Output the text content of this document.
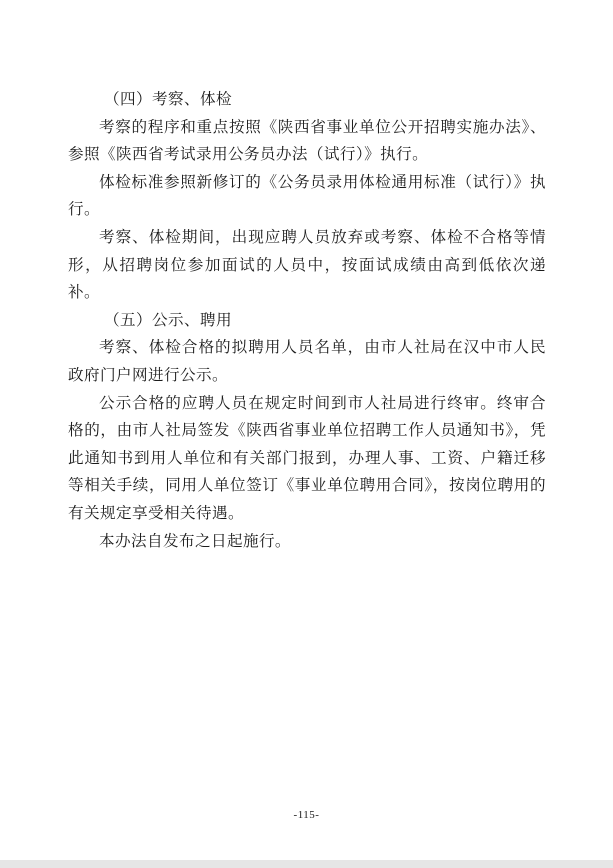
（四）考察、体检

考察的程序和重点按照《陕西省事业单位公开招聘实施办法》、参照《陕西省考试录用公务员办法（试行）》执行。

体检标准参照新修订的《公务员录用体检通用标准（试行）》执行。

考察、体检期间，出现应聘人员放弃或考察、体检不合格等情形，从招聘岗位参加面试的人员中，按面试成绩由高到低依次递补。

（五）公示、聘用

考察、体检合格的拟聘用人员名单，由市人社局在汉中市人民政府门户网进行公示。

公示合格的应聘人员在规定时间到市人社局进行终审。终审合格的，由市人社局签发《陕西省事业单位招聘工作人员通知书》，凭此通知书到用人单位和有关部门报到，办理人事、工资、户籍迁移等相关手续，同用人单位签订《事业单位聘用合同》，按岗位聘用的有关规定享受相关待遇。

本办法自发布之日起施行。

-115-
